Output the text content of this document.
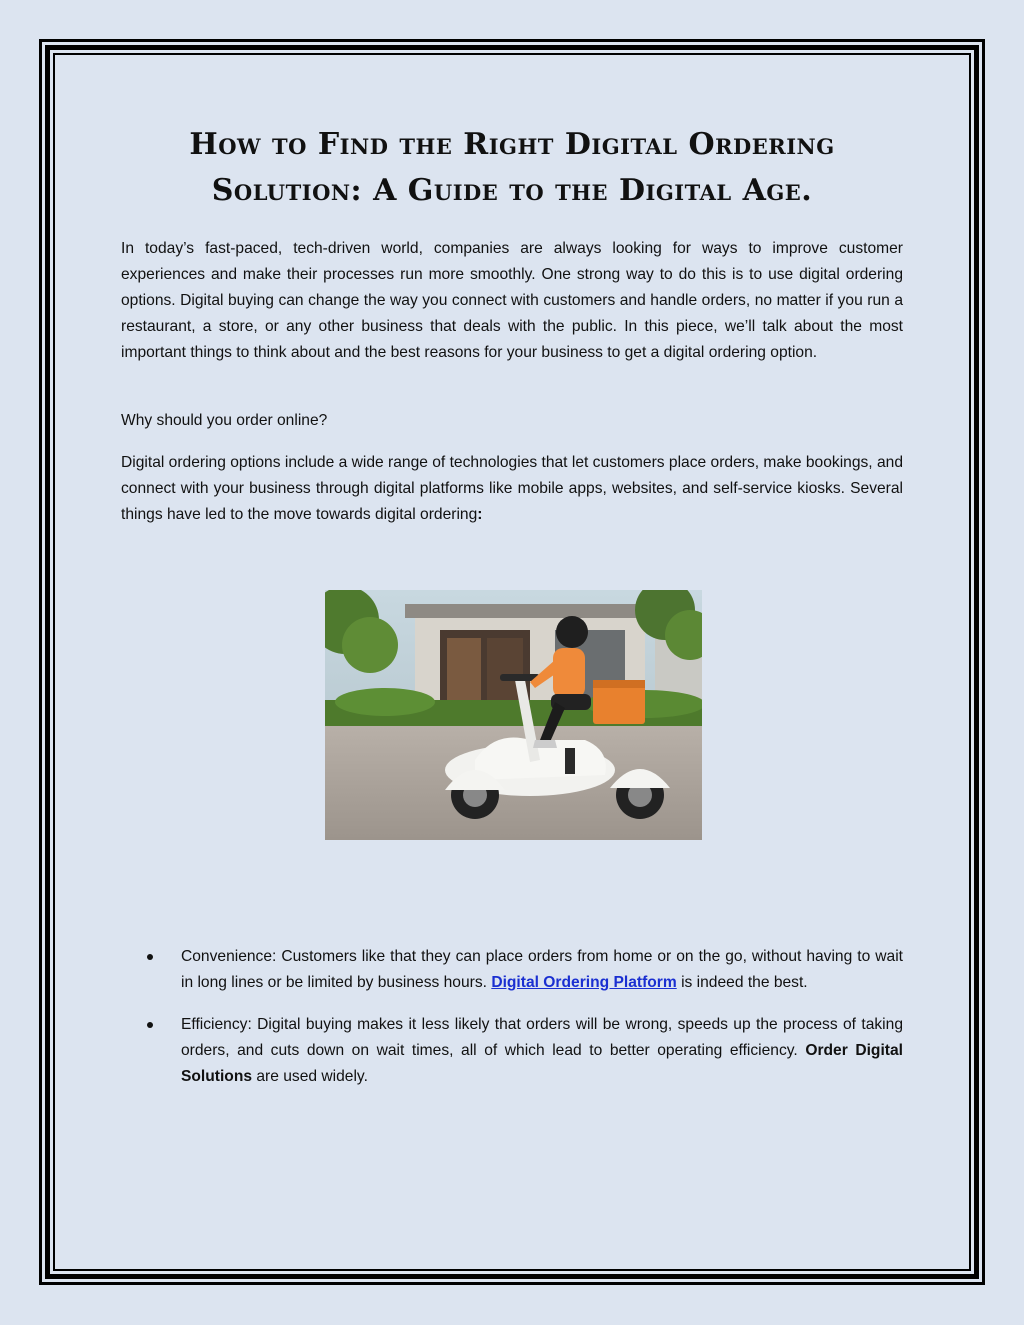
How to Find the Right Digital Ordering
Solution: A Guide to the Digital Age.

In today’s fast-paced, tech-driven world, companies are always looking for ways to improve customer experiences and make their processes run more smoothly. One strong way to do this is to use digital ordering options. Digital buying can change the way you connect with customers and handle orders, no matter if you run a restaurant, a store, or any other business that deals with the public. In this piece, we’ll talk about the most important things to think about and the best reasons for your business to get a digital ordering option.

Why should you order online?

Digital ordering options include a wide range of technologies that let customers place orders, make bookings, and connect with your business through digital platforms like mobile apps, websites, and self-service kiosks. Several things have led to the move towards digital ordering:

Convenience: Customers like that they can place orders from home or on the go, without having to wait in long lines or be limited by business hours. Digital Ordering Platform is indeed the best.
Efficiency: Digital buying makes it less likely that orders will be wrong, speeds up the process of taking orders, and cuts down on wait times, all of which lead to better operating efficiency. Order Digital Solutions are used widely.
